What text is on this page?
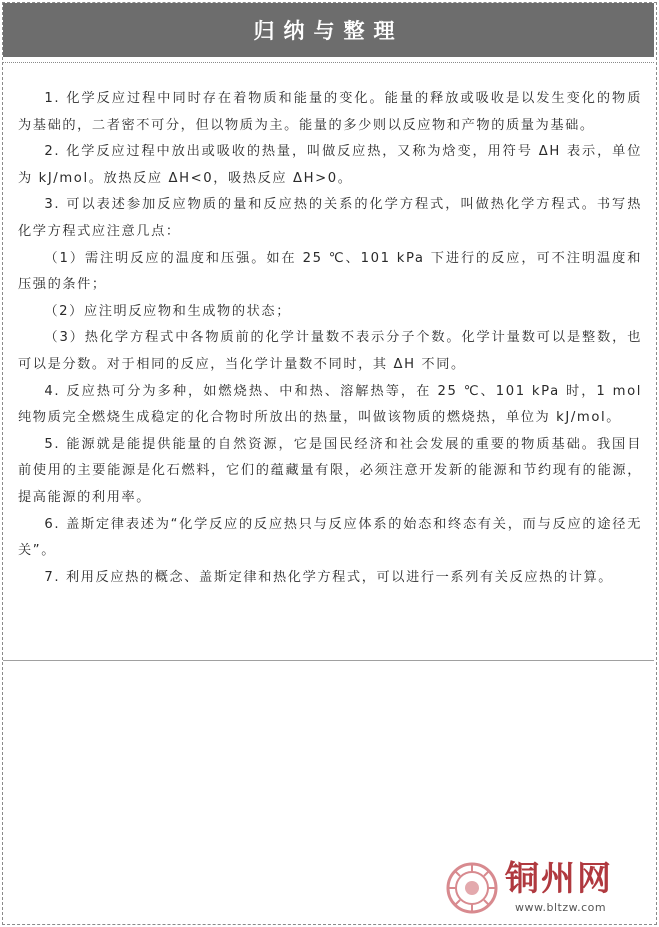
归纳与整理

1. 化学反应过程中同时存在着物质和能量的变化。能量的释放或吸收是以发生变化的物质为基础的，二者密不可分，但以物质为主。能量的多少则以反应物和产物的质量为基础。

2. 化学反应过程中放出或吸收的热量，叫做反应热，又称为焓变，用符号 ΔH 表示，单位为 kJ/mol。放热反应 ΔH<0，吸热反应 ΔH>0。

3. 可以表述参加反应物质的量和反应热的关系的化学方程式，叫做热化学方程式。书写热化学方程式应注意几点：

（1）需注明反应的温度和压强。如在 25 ℃、101 kPa 下进行的反应，可不注明温度和压强的条件；

（2）应注明反应物和生成物的状态；

（3）热化学方程式中各物质前的化学计量数不表示分子个数。化学计量数可以是整数，也可以是分数。对于相同的反应，当化学计量数不同时，其 ΔH 不同。

4. 反应热可分为多种，如燃烧热、中和热、溶解热等，在 25 ℃、101 kPa 时，1 mol 纯物质完全燃烧生成稳定的化合物时所放出的热量，叫做该物质的燃烧热，单位为 kJ/mol。

5. 能源就是能提供能量的自然资源，它是国民经济和社会发展的重要的物质基础。我国目前使用的主要能源是化石燃料，它们的蕴藏量有限，必须注意开发新的能源和节约现有的能源，提高能源的利用率。

6. 盖斯定律表述为“化学反应的反应热只与反应体系的始态和终态有关，而与反应的途径无关”。

7. 利用反应热的概念、盖斯定律和热化学方程式，可以进行一系列有关反应热的计算。

铜州网
www.bltzw.com
